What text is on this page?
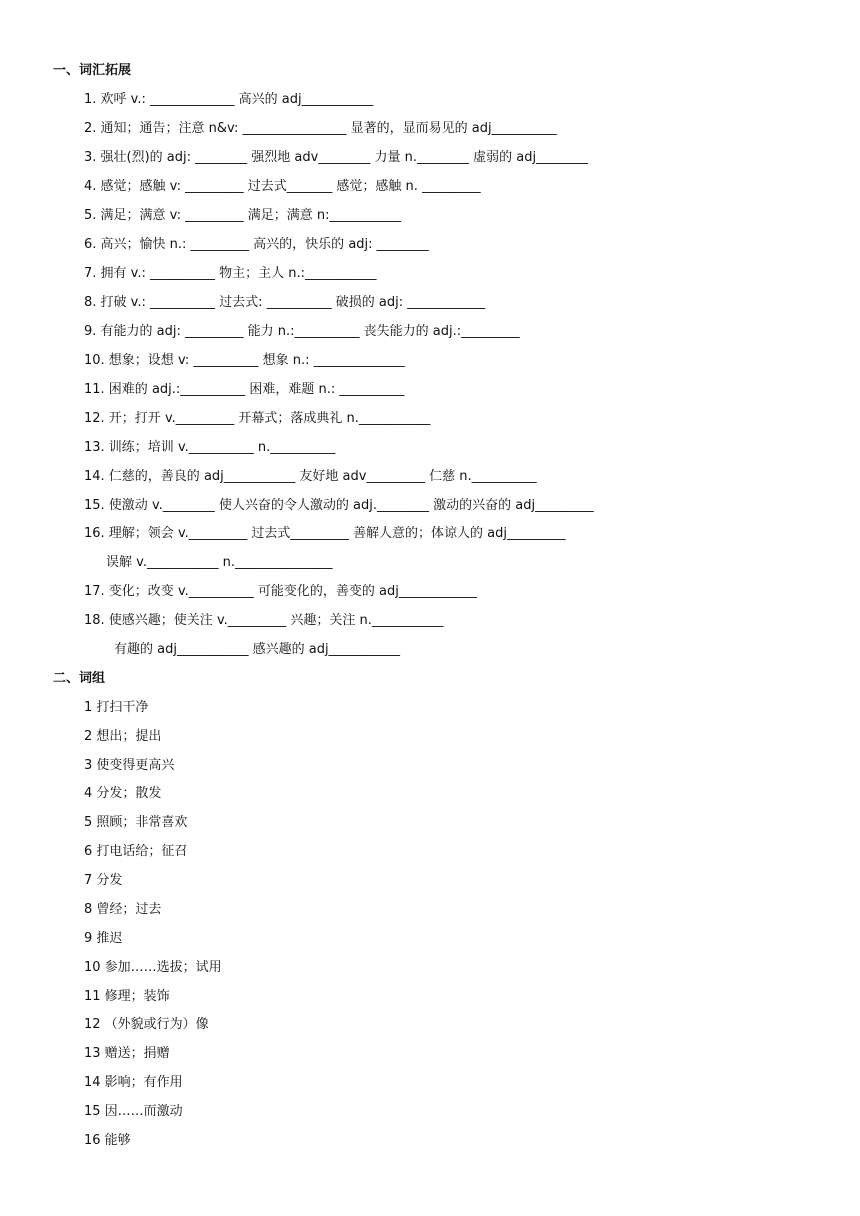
一、词汇拓展
1. 欢呼 v.: _____________ 高兴的 adj___________
2. 通知；通告；注意 n&v: ________________ 显著的，显而易见的 adj__________
3. 强壮(烈)的 adj: ________ 强烈地 adv________ 力量 n.________ 虚弱的 adj________
4. 感觉；感触 v: _________ 过去式_______ 感觉；感触 n. _________
5. 满足；满意 v: _________ 满足；满意 n:___________
6. 高兴；愉快 n.: _________ 高兴的，快乐的 adj: ________
7. 拥有 v.: __________ 物主；主人 n.:___________
8. 打破 v.: __________ 过去式: __________ 破损的 adj: ____________
9. 有能力的 adj: _________ 能力 n.:__________ 丧失能力的 adj.:_________
10. 想象；设想 v: __________ 想象 n.: ______________
11. 困难的 adj.:__________ 困难，难题 n.: __________
12. 开；打开 v._________ 开幕式；落成典礼 n.___________
13. 训练；培训 v.__________ n.__________
14. 仁慈的，善良的 adj___________ 友好地 adv_________ 仁慈 n.__________
15. 使激动 v.________ 使人兴奋的令人激动的 adj.________ 激动的兴奋的 adj_________
16. 理解；领会 v._________ 过去式_________ 善解人意的；体谅人的 adj_________
误解 v.___________ n._______________
17. 变化；改变 v.__________ 可能变化的，善变的 adj____________
18. 使感兴趣；使关注 v._________ 兴趣；关注 n.___________
有趣的 adj___________ 感兴趣的 adj___________
二、词组
1 打扫干净
2 想出；提出
3 使变得更高兴
4 分发；散发
5 照顾；非常喜欢
6 打电话给；征召
7 分发
8 曾经；过去
9 推迟
10 参加……选拔；试用
11 修理；装饰
12 （外貌或行为）像
13 赠送；捐赠
14 影响；有作用
15 因……而激动
16 能够
